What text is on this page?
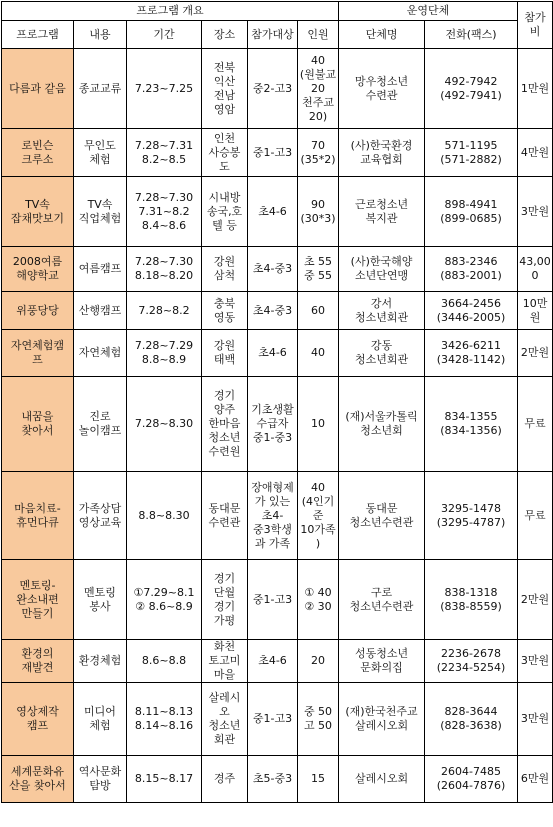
프로그램 개요						운영단체		참가
비

프로그램	내용	기간	장소	참가대상	인원	단체명	전화(팩스)	

다름과 같음	종교교류	7.23~7.25	전북
익산
전남
영암	중2-고3	40
(원불교
20
천주교
20)	망우청소년
수련관	492-7942
(492-7941)	1만원

로빈슨
크루소	무인도
체험	7.28~7.31
8.2~8.5	인천
사승봉
도	중1-고3	70
(35*2)	(사)한국환경
교육협회	571-1195
(571-2882)	4만원

TV속
잡채맛보기	TV속
직업체험	7.28~7.30
7.31~8.2
8.4~8.6	시내방
송국,호
텔 등	초4-6	90
(30*3)	근로청소년
복지관	898-4941
(899-0685)	3만원

2008여름
해양학교	여름캠프	7.28~7.30
8.18~8.20	강원
삼척	초4-중3	초 55
중 55	(사)한국해양
소년단연맹	883-2346
(883-2001)	43,00
0

위풍당당	산행캠프	7.28~8.2	충북
영동	초4-중3	60	강서
청소년회관	3664-2456
(3446-2005)	10만
원

자연체험캠
프	자연체험	7.28~7.29
8.8~8.9	강원
태백	초4-6	40	강동
청소년회관	3426-6211
(3428-1142)	2만원

내꿈을
찾아서	진로
놀이캠프	7.28~8.30	경기
양주
한마음
청소년
수련원	기초생활
수급자
중1-중3	10	(재)서울카톨릭
청소년회	834-1355
(834-1356)	무료

마음치료-
휴먼다큐	가족상담
영상교육	8.8~8.30	동대문
수련관	장애형제
가 있는
초4-
중3학생
과 가족	40
(4인기
준
10가족
)	동대문
청소년수련관	3295-1478
(3295-4787)	무료

멘토링-
완소내편
만들기	멘토링
봉사	①7.29~8.1
② 8.6~8.9	경기
단월
경기
가평	중1-고3	① 40
② 30	구로
청소년수련관	838-1318
(838-8559)	2만원

환경의
재발견	환경체험	8.6~8.8	화천
토고미
마을	초4-6	20	성동청소년
문화의집	2236-2678
(2234-5254)	3만원

영상제작
캠프	미디어
체험	8.11~8.13
8.14~8.16	살레시
오
청소년
회관	중1-고3	중 50
고 50	(재)한국천주교
살레시오회	828-3644
(828-3638)	3만원

세계문화유
산을 찾아서	역사문화
탐방	8.15~8.17	경주	초5-중3	15	살레시오회	2604-7485
(2604-7876)	6만원
